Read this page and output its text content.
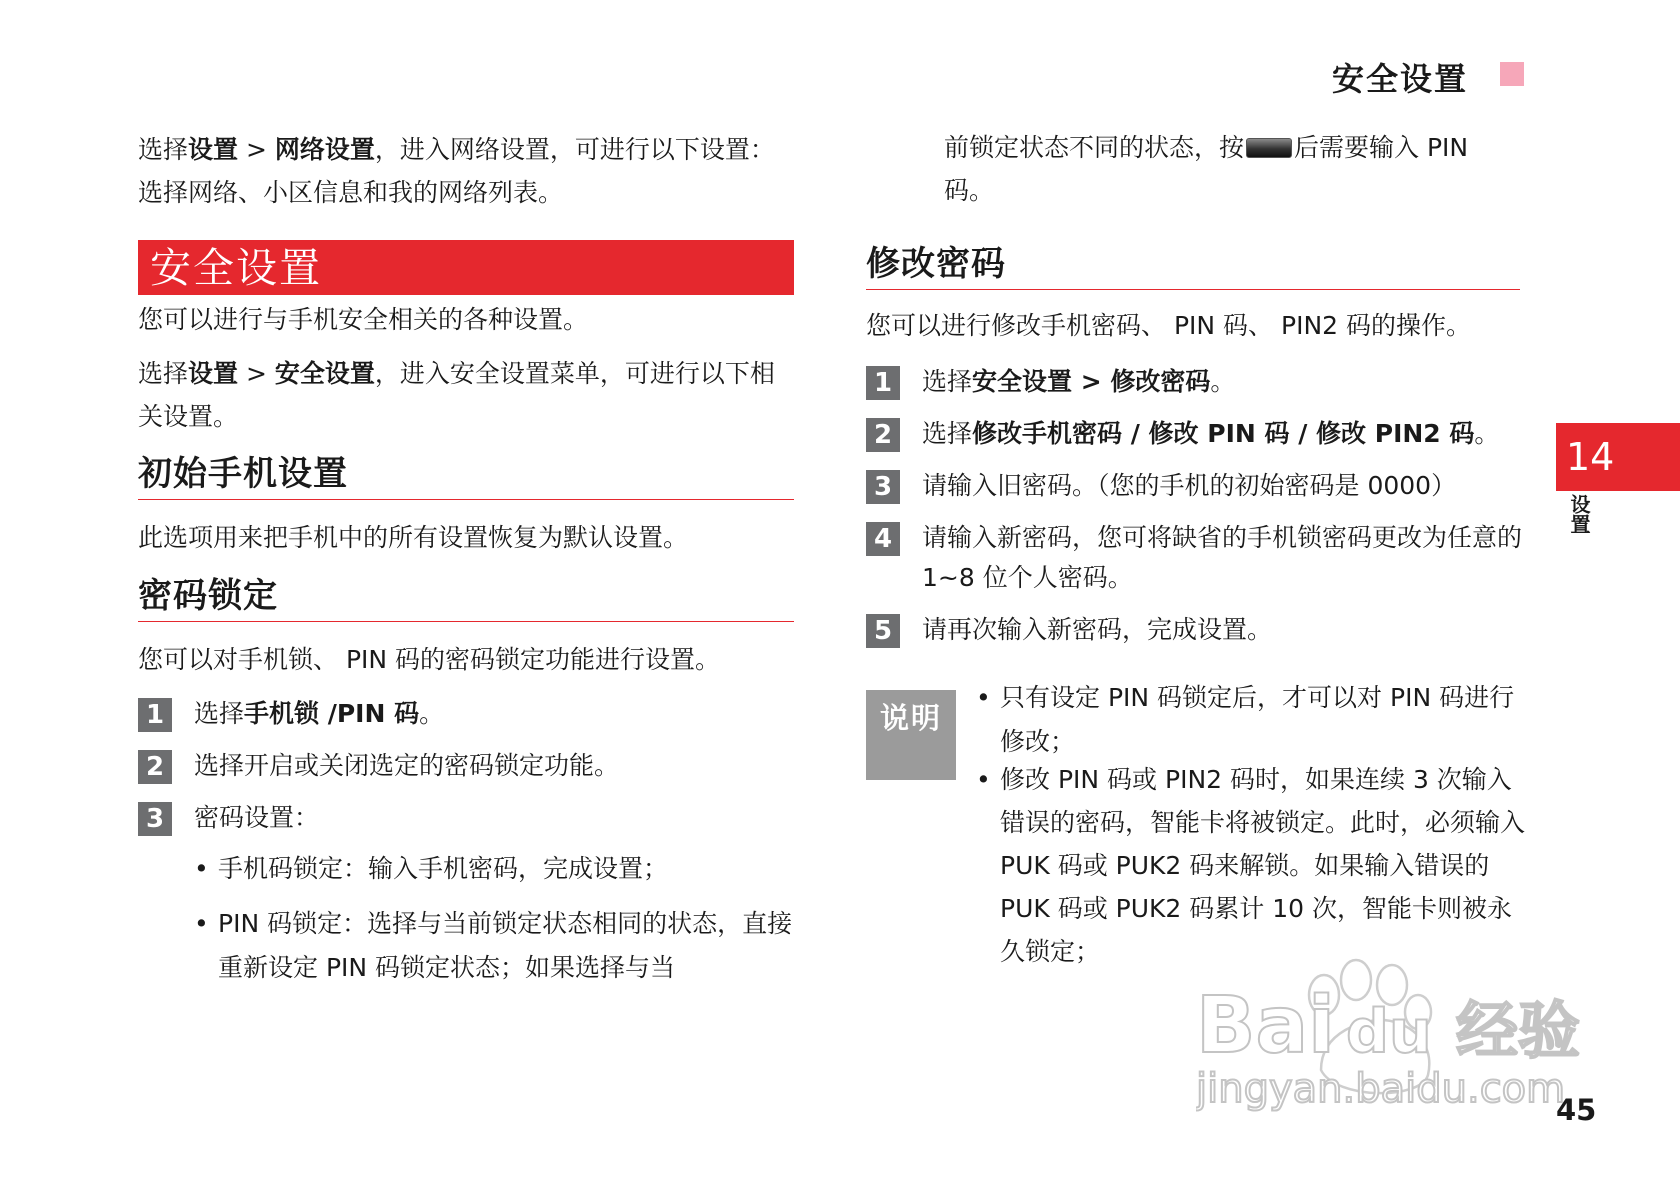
安全设置
选择设置 > 网络设置，进入网络设置，可进行以下设置：选择网络、小区信息和我的网络列表。
安全设置
您可以进行与手机安全相关的各种设置。
选择设置 > 安全设置，进入安全设置菜单，可进行以下相关设置。
初始手机设置
此选项用来把手机中的所有设置恢复为默认设置。
密码锁定
您可以对手机锁、 PIN 码的密码锁定功能进行设置。
1	选择手机锁 /PIN 码。
2	选择开启或关闭选定的密码锁定功能。
3	密码设置：
• 手机码锁定：输入手机密码，完成设置；
• PIN 码锁定：选择与当前锁定状态相同的状态，直接重新设定 PIN 码锁定状态；如果选择与当
前锁定状态不同的状态，按 后需要输入 PIN 码。
修改密码
您可以进行修改手机密码、 PIN 码、 PIN2 码的操作。
1	选择安全设置 > 修改密码。
2	选择修改手机密码 / 修改 PIN 码 / 修改 PIN2 码。
3	请输入旧密码。（您的手机的初始密码是 0000）
4	请输入新密码，您可将缺省的手机锁密码更改为任意的 1~8 位个人密码。
5	请再次输入新密码，完成设置。
说明
• 只有设定 PIN 码锁定后，才可以对 PIN 码进行修改；
• 修改 PIN 码或 PIN2 码时，如果连续 3 次输入错误的密码，智能卡将被锁定。此时，必须输入 PUK 码或 PUK2 码来解锁。如果输入错误的 PUK 码或 PUK2 码累计 10 次，智能卡则被永久锁定；
14
设置
45
Bai du 经验
jingyan.baidu.com
